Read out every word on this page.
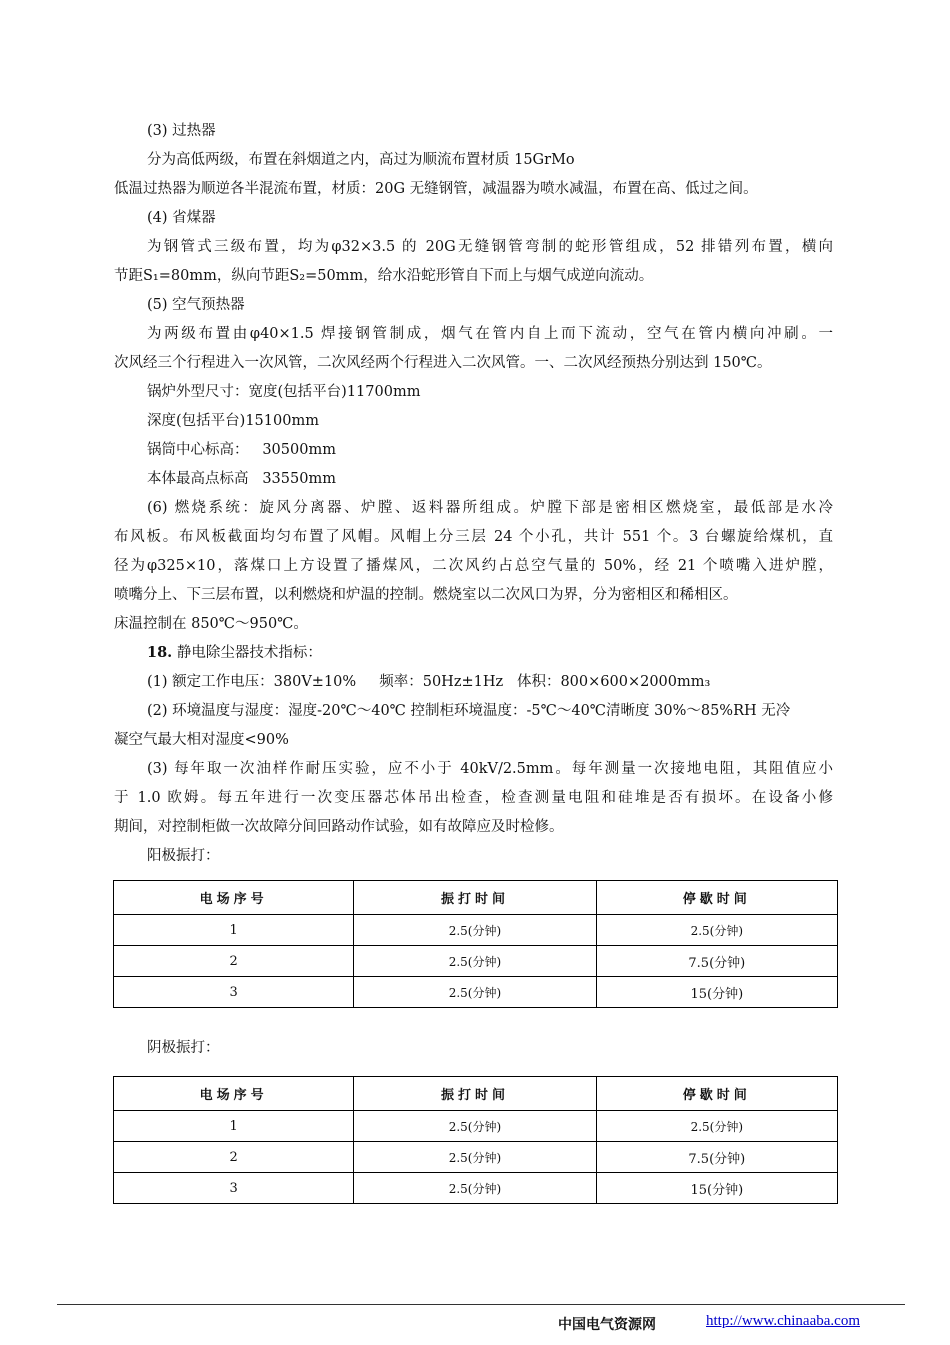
(3) 过热器
分为高低两级，布置在斜烟道之内，高过为顺流布置材质 15GrMo
低温过热器为顺逆各半混流布置，材质：20G 无缝钢管，减温器为喷水减温，布置在高、低过之间。
(4) 省煤器
为钢管式三级布置，均为φ32×3.5 的 20G无缝钢管弯制的蛇形管组成，52 排错列布置，横向
节距S₁=80mm，纵向节距S₂=50mm，给水沿蛇形管自下而上与烟气成逆向流动。
(5) 空气预热器
为两级布置由φ40×1.5 焊接钢管制成，烟气在管内自上而下流动，空气在管内横向冲刷。一
次风经三个行程进入一次风管，二次风经两个行程进入二次风管。一、二次风经预热分别达到 150℃。
锅炉外型尺寸：宽度(包括平台)11700mm
深度(包括平台)15100mm
锅筒中心标高：   30500mm
本体最高点标高   33550mm
(6) 燃烧系统：旋风分离器、炉膛、返料器所组成。炉膛下部是密相区燃烧室，最低部是水冷
布风板。布风板截面均匀布置了风帽。风帽上分三层 24 个小孔，共计 551 个。3 台螺旋给煤机，直
径为φ325×10，落煤口上方设置了播煤风，二次风约占总空气量的 50%，经 21 个喷嘴入进炉膛，
喷嘴分上、下三层布置，以利燃烧和炉温的控制。燃烧室以二次风口为界，分为密相区和稀相区。
床温控制在 850℃～950℃。
18. 静电除尘器技术指标：
(1) 额定工作电压：380V±10%     频率：50Hz±1Hz   体积：800×600×2000mm₃
(2) 环境温度与湿度：湿度-20℃～40℃ 控制柜环境温度：-5℃～40℃清晰度 30%～85%RH 无冷
凝空气最大相对湿度<90%
(3) 每年取一次油样作耐压实验，应不小于 40kV/2.5mm。每年测量一次接地电阻，其阻值应小
于 1.0 欧姆。每五年进行一次变压器芯体吊出检查，检查测量电阻和硅堆是否有损坏。在设备小修
期间，对控制柜做一次故障分间回路动作试验，如有故障应及时检修。
阳极振打：
电场序号	振打时间	停歇时间
1	2.5(分钟)	2.5(分钟)
2	2.5(分钟)	7.5(分钟)
3	2.5(分钟)	15(分钟)
阴极振打：
电场序号	振打时间	停歇时间
1	2.5(分钟)	2.5(分钟)
2	2.5(分钟)	7.5(分钟)
3	2.5(分钟)	15(分钟)
中国电气资源网	http://www.chinaaba.com
